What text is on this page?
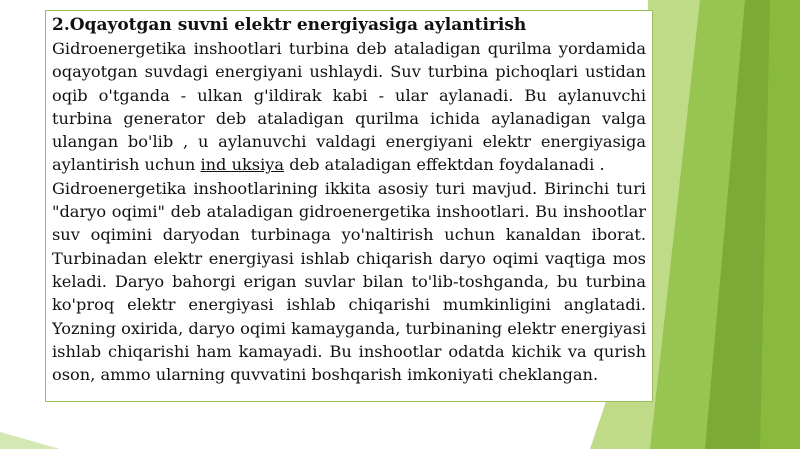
2.Oqayotgan suvni elektr energiyasiga aylantirish

Gidroenergetika inshootlari turbina deb ataladigan qurilma yordamida oqayotgan suvdagi energiyani ushlaydi. Suv turbina pichoqlari ustidan oqib o'tganda - ulkan g'ildirak kabi - ular aylanadi. Bu aylanuvchi turbina generator deb ataladigan qurilma ichida aylanadigan valga ulangan bo'lib , u aylanuvchi valdagi energiyani elektr energiyasiga aylantirish uchun ind uksiya deb ataladigan effektdan foydalanadi .

Gidroenergetika inshootlarining ikkita asosiy turi mavjud. Birinchi turi "daryo oqimi" deb ataladigan gidroenergetika inshootlari. Bu inshootlar suv oqimini daryodan turbinaga yo'naltirish uchun kanaldan iborat. Turbinadan elektr energiyasi ishlab chiqarish daryo oqimi vaqtiga mos keladi. Daryo bahorgi erigan suvlar bilan to'lib-toshganda, bu turbina ko'proq elektr energiyasi ishlab chiqarishi mumkinligini anglatadi. Yozning oxirida, daryo oqimi kamayganda, turbinaning elektr energiyasi ishlab chiqarishi ham kamayadi. Bu inshootlar odatda kichik va qurish oson, ammo ularning quvvatini boshqarish imkoniyati cheklangan.
